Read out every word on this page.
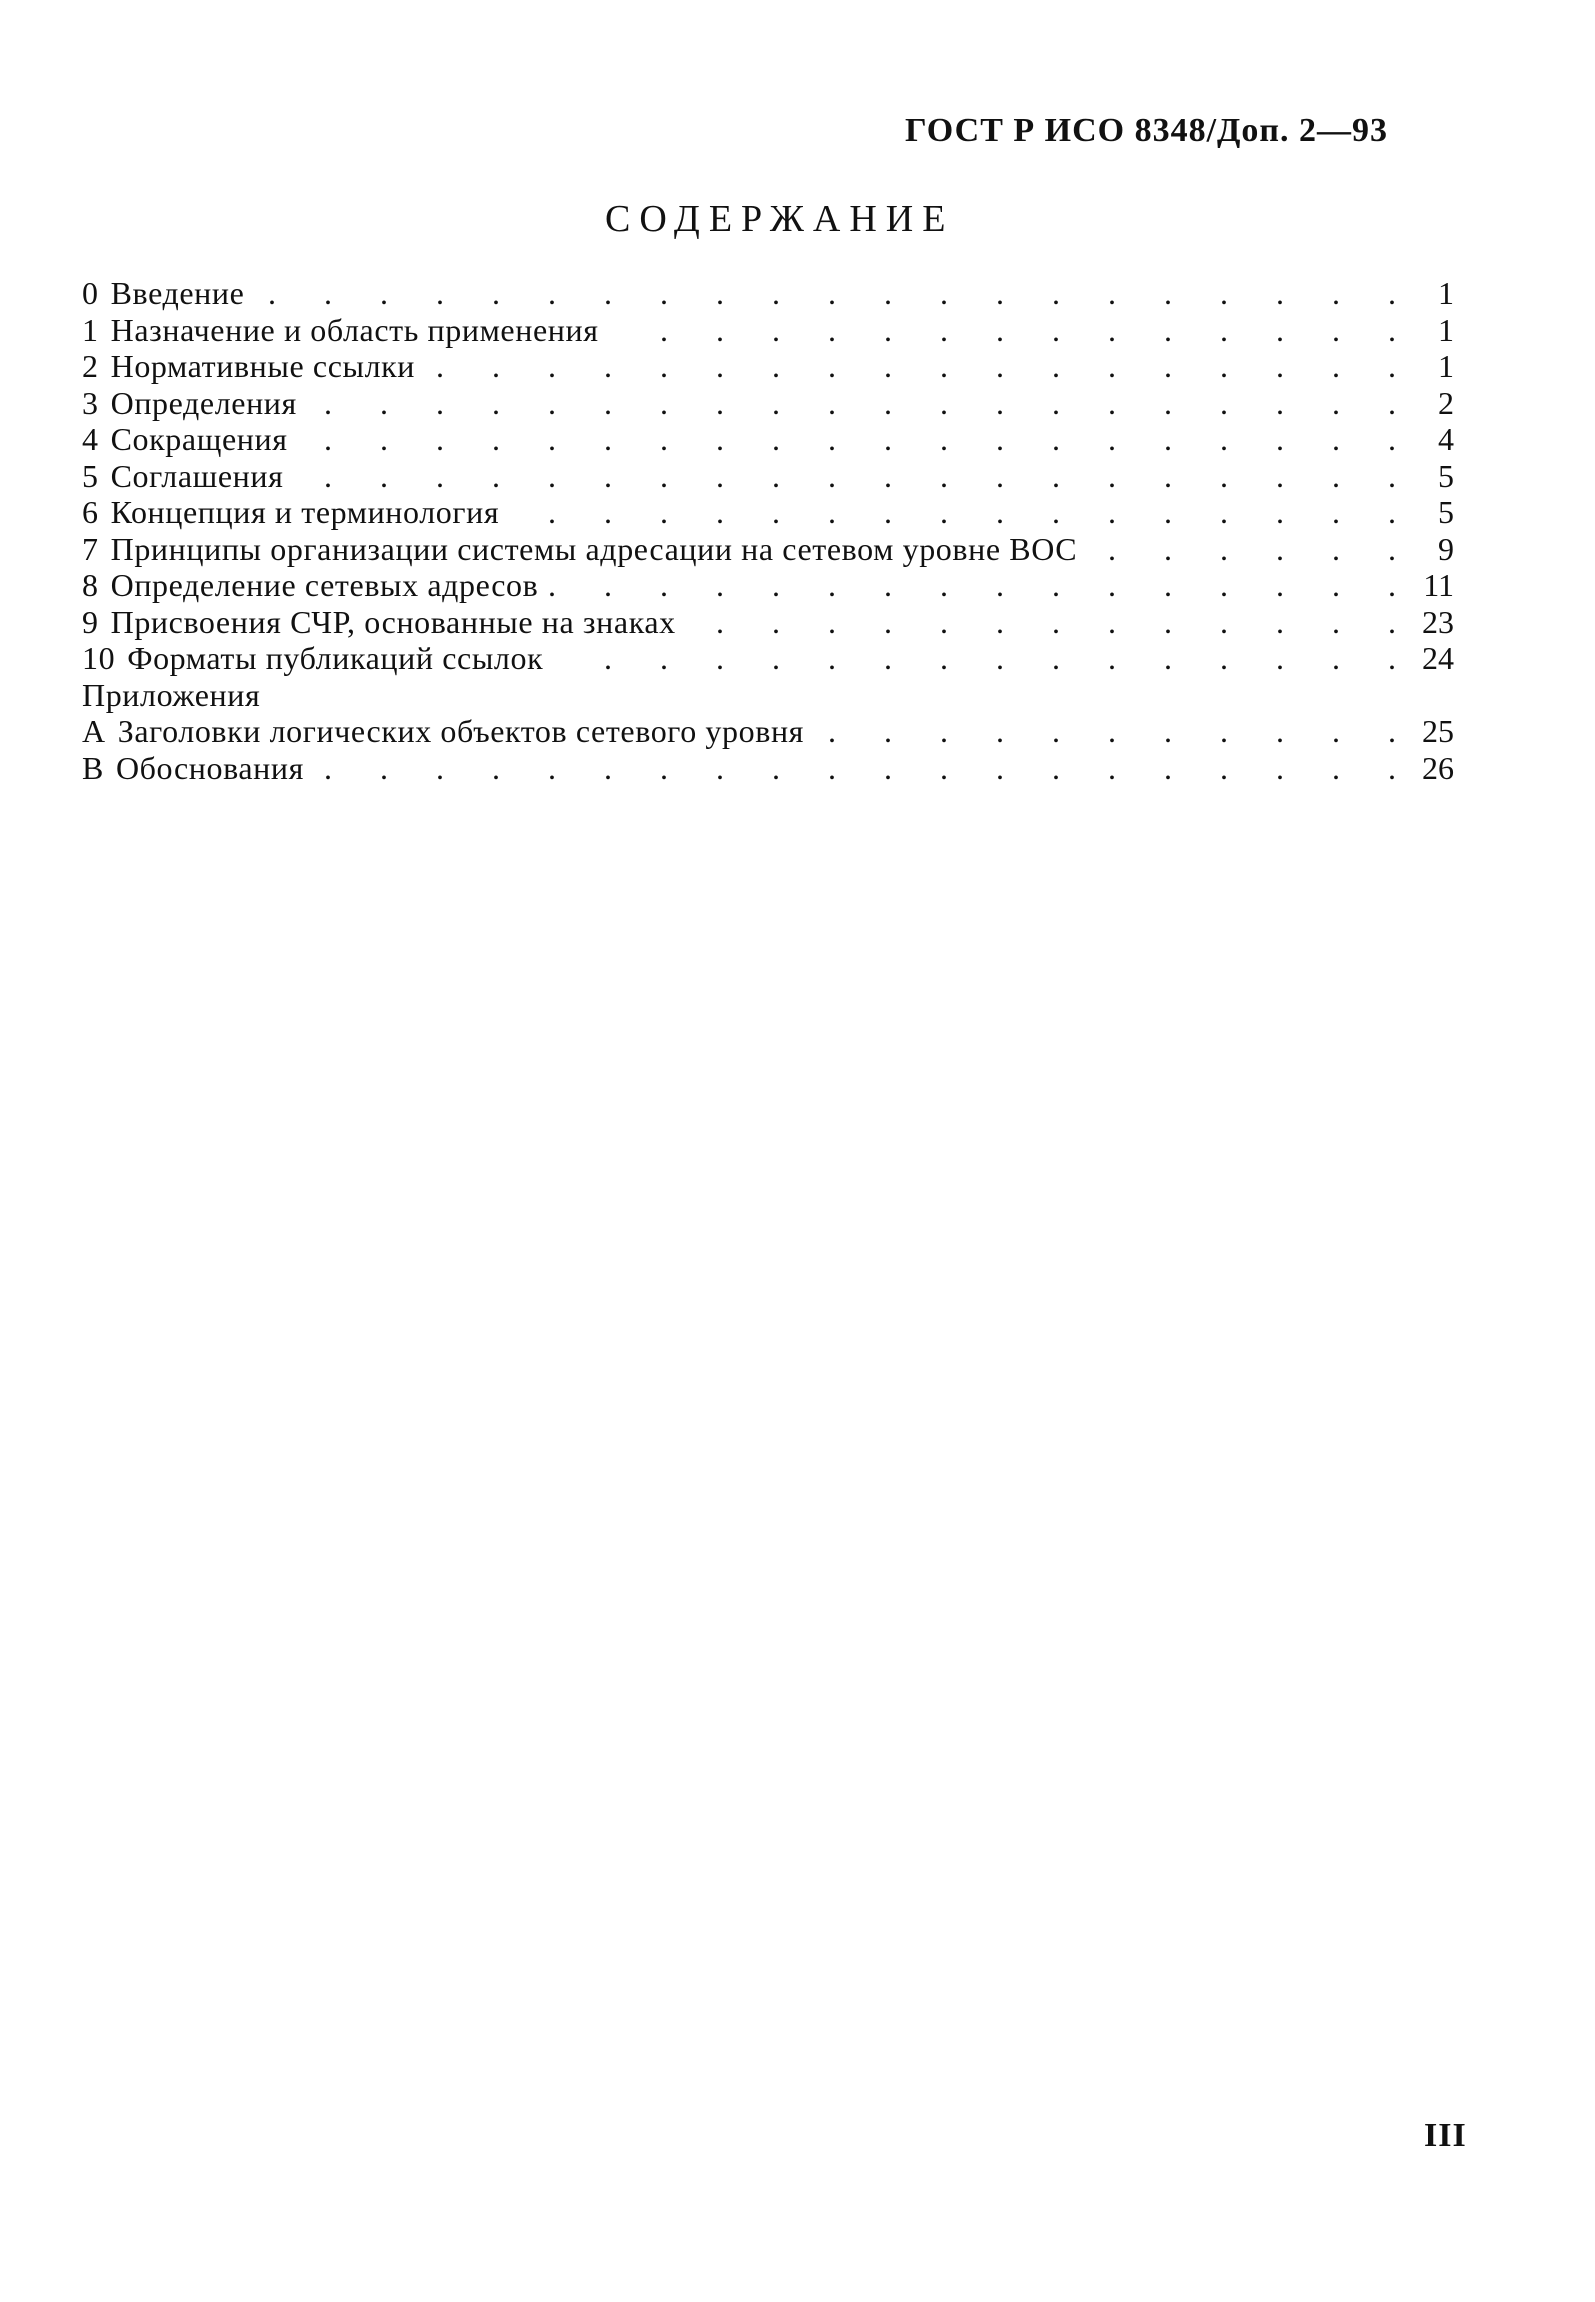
ГОСТ Р ИСО 8348/Доп. 2—93
СОДЕРЖАНИЕ
0 Введение .	1
1 Назначение и область применения .	1
2 Нормативные ссылки .	1
3 Определения .	2
4 Сокращения .	4
5 Соглашения .	5
6 Концепция и терминология .	5
7 Принципы организации системы адресации на сетевом уровне ВОС .	9
8 Определение сетевых адресов .	11
9 Присвоения СЧР, основанные на знаках .	23
10 Форматы публикаций ссылок .	24
Приложения
А Заголовки логических объектов сетевого уровня .	25
В Обоснования .	26
III
